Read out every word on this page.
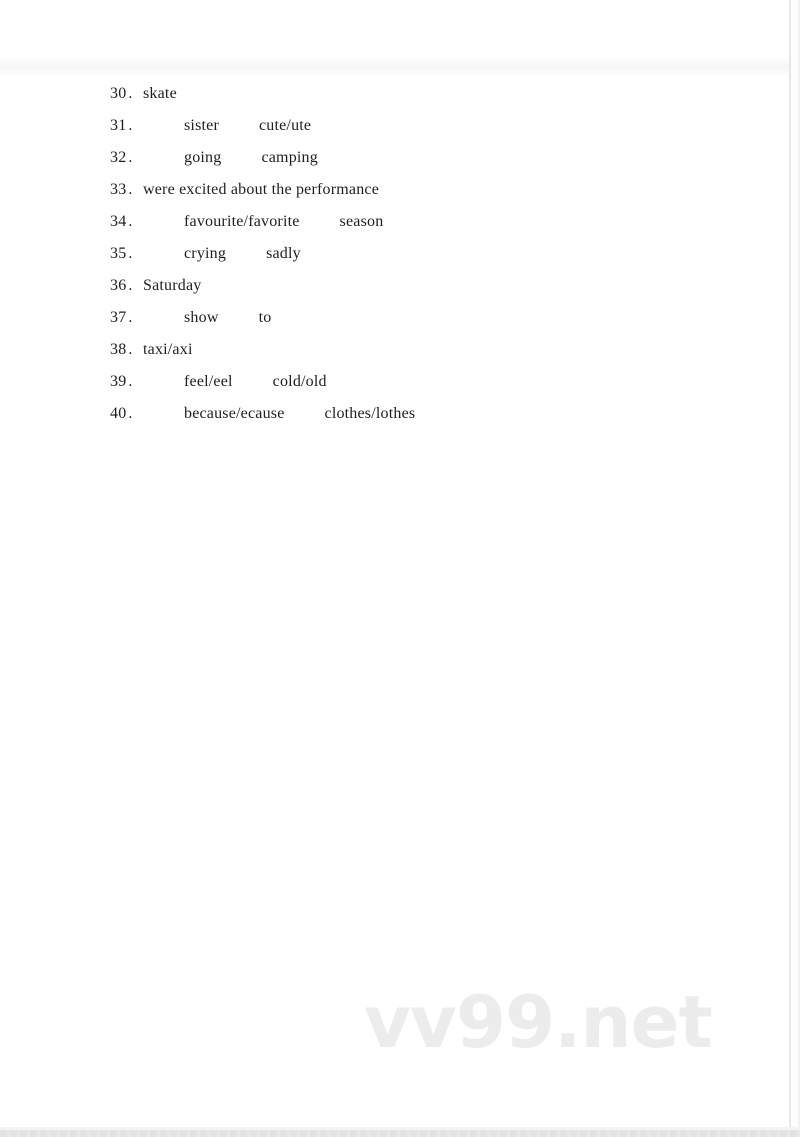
30 . skate
31 .	sister	cute/ute
32 .	going	camping
33 . were excited about the performance
34 .	favourite/favorite	season
35 .	crying	sadly
36 . Saturday
37 .	show	to
38 . taxi/axi
39 .	feel/eel	cold/old
40 .	because/ecause	clothes/lothes
vv99.net
